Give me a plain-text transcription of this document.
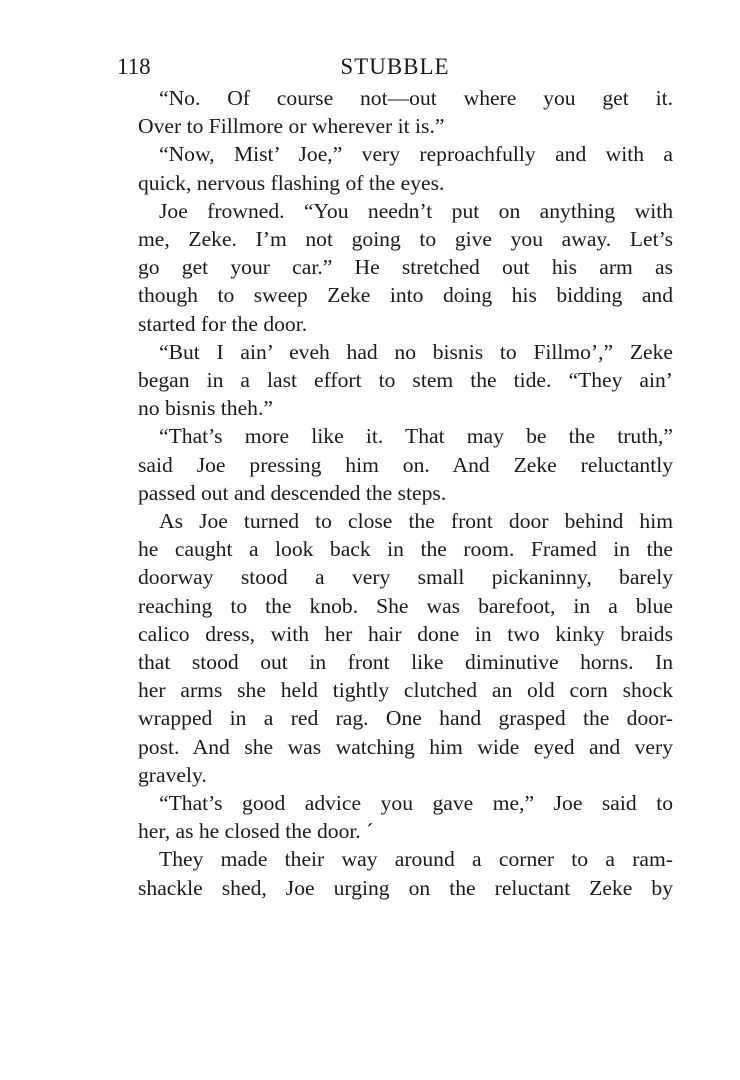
118	STUBBLE

“No. Of course not—out where you get it.
Over to Fillmore or wherever it is.”

“Now, Mist’ Joe,” very reproachfully and with a
quick, nervous flashing of the eyes.

Joe frowned. “You needn’t put on anything with
me, Zeke. I’m not going to give you away. Let’s
go get your car.” He stretched out his arm as
though to sweep Zeke into doing his bidding and
started for the door.

“But I ain’ eveh had no bisnis to Fillmo’,” Zeke
began in a last effort to stem the tide. “They ain’
no bisnis theh.”

“That’s more like it. That may be the truth,”
said Joe pressing him on. And Zeke reluctantly
passed out and descended the steps.

As Joe turned to close the front door behind him
he caught a look back in the room. Framed in the
doorway stood a very small pickaninny, barely
reaching to the knob. She was barefoot, in a blue
calico dress, with her hair done in two kinky braids
that stood out in front like diminutive horns. In
her arms she held tightly clutched an old corn shock
wrapped in a red rag. One hand grasped the door-
post. And she was watching him wide eyed and very
gravely.

“That’s good advice you gave me,” Joe said to
her, as he closed the door. ˊ

They made their way around a corner to a ram-
shackle shed, Joe urging on the reluctant Zeke by
